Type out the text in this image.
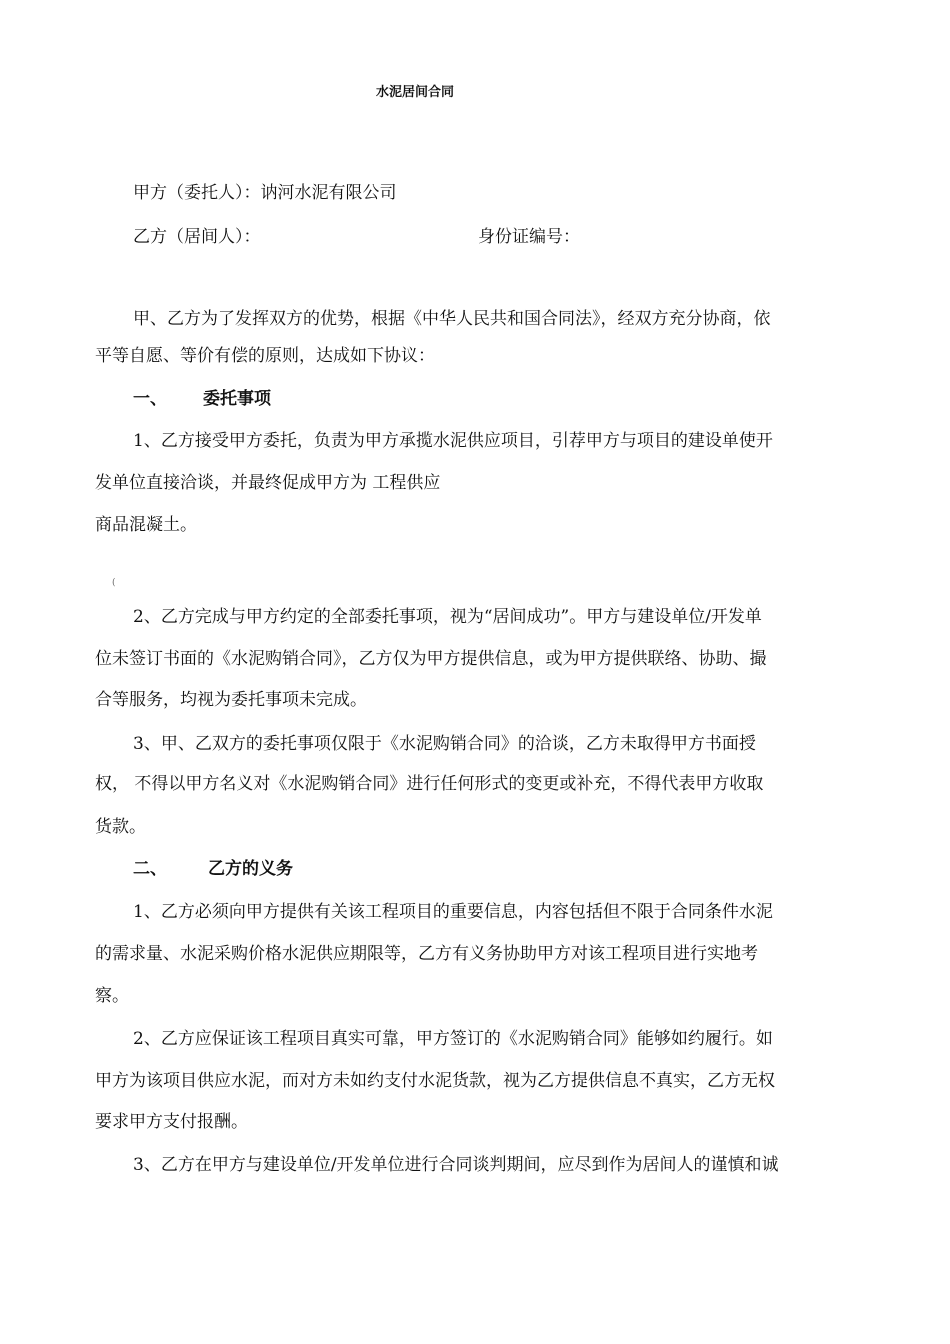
水泥居间合同
甲方（委托人）：讷河水泥有限公司
乙方（居间人）：	身份证编号：
甲、乙方为了发挥双方的优势，根据《中华人民共和国合同法》，经双方充分协商，依
平等自愿、等价有偿的原则，达成如下协议：
一、 委托事项
1、乙方接受甲方委托，负责为甲方承揽水泥供应项目，引荐甲方与项目的建设单使开
发单位直接洽谈，并最终促成甲方为 工程供应
商品混凝土。
(
2、乙方完成与甲方约定的全部委托事项，视为“居间成功”。甲方与建设单位/开发单
位未签订书面的《水泥购销合同》，乙方仅为甲方提供信息，或为甲方提供联络、协助、撮
合等服务，均视为委托事项未完成。
3、甲、乙双方的委托事项仅限于《水泥购销合同》的洽谈，乙方未取得甲方书面授
权， 不得以甲方名义对《水泥购销合同》进行任何形式的变更或补充，不得代表甲方收取
货款。
二、 乙方的义务
1、乙方必须向甲方提供有关该工程项目的重要信息，内容包括但不限于合同条件水泥
的需求量、水泥采购价格水泥供应期限等，乙方有义务协助甲方对该工程项目进行实地考
察。
2、乙方应保证该工程项目真实可靠，甲方签订的《水泥购销合同》能够如约履行。如
甲方为该项目供应水泥，而对方未如约支付水泥货款，视为乙方提供信息不真实，乙方无权
要求甲方支付报酬。
3、乙方在甲方与建设单位/开发单位进行合同谈判期间，应尽到作为居间人的谨慎和诚
